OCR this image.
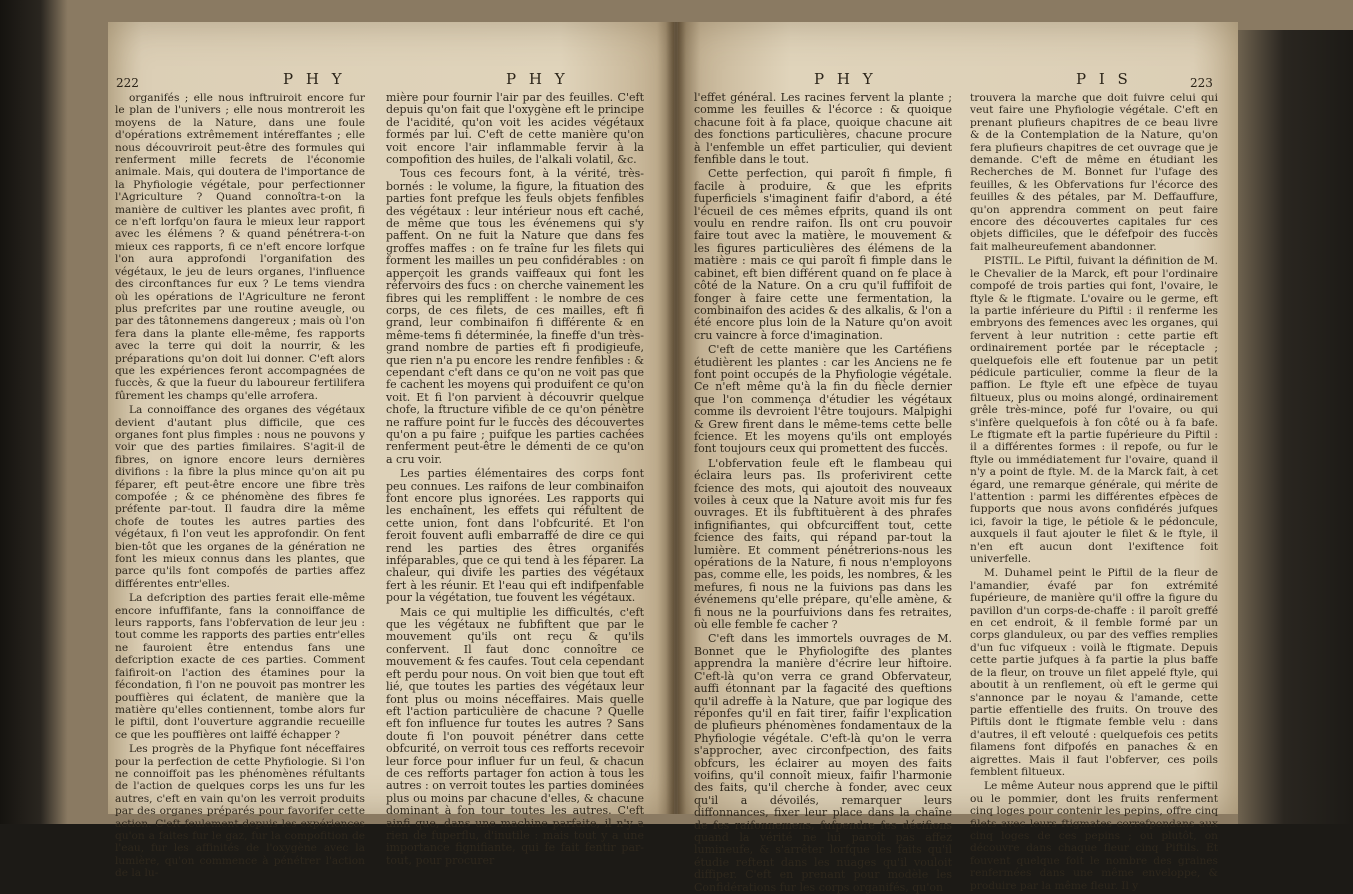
222	P H Y	P H Y	P H Y	P I S	223

organifés ; elle nous inftruiroit encore fur le plan de l'univers ; elle nous montreroit les moyens de la Nature, dans une foule d'opérations extrêmement intéreffantes ; elle nous découvriroit peut-être des formules qui renferment mille fecrets de l'économie animale. Mais, qui doutera de l'importance de la Phyfiologie végétale, pour perfectionner l'Agriculture ? Quand connoîtra-t-on la manière de cultiver les plantes avec profit, fi ce n'eft lorfqu'on faura le mieux leur rapport avec les élémens ? & quand pénétrera-t-on mieux ces rapports, fi ce n'eft encore lorfque l'on aura approfondi l'organifation des végétaux, le jeu de leurs organes, l'influence des circonftances fur eux ? Le tems viendra où les opérations de l'Agriculture ne feront plus prefcrites par une routine aveugle, ou par des tâtonnemens dangereux ; mais où l'on fera dans la plante elle-même, fes rapports avec la terre qui doit la nourrir, & les préparations qu'on doit lui donner. C'eft alors que les expériences feront accompagnées de fuccès, & que la fueur du laboureur fertilifera fûrement les champs qu'elle arrofera.

La connoiffance des organes des végétaux devient d'autant plus difficile, que ces organes font plus fimples : nous ne pouvons y voir que des parties fimilaires. S'agit-il de fibres, on ignore encore leurs dernières divifions : la fibre la plus mince qu'on ait pu féparer, eft peut-être encore une fibre très compofée ; & ce phénomène des fibres fe préfente par-tout. Il faudra dire la même chofe de toutes les autres parties des végétaux, fi l'on veut les approfondir. On fent bien-tôt que les organes de la génération ne font les mieux connus dans les plantes, que parce qu'ils font compofés de parties affez différentes entr'elles.

La defcription des parties ferait elle-même encore infuffifante, fans la connoiffance de leurs rapports, fans l'obfervation de leur jeu : tout comme les rapports des parties entr'elles ne fauroient être entendus fans une defcription exacte de ces parties. Comment faifiroit-on l'action des étamines pour la fécondation, fi l'on ne pouvoit pas montrer les pouffières qui éclatent, de manière que la matière qu'elles contiennent, tombe alors fur le piftil, dont l'ouverture aggrandie recueille ce que les pouffières ont laiffé échapper ?

Les progrès de la Phyfique font néceffaires pour la perfection de cette Phyfiologie. Si l'on ne connoiffoit pas les phénomènes réfultants de l'action de quelques corps les uns fur les autres, c'eft en vain qu'on les verroit produits par des organes préparés pour favorifer cette action. C'eft feulement depuis les expériences qu'on a faites fur le gaz, fur la compofition de l'eau, fur les affinités de l'oxygène avec la lumière, qu'on commence à pénétrer l'action de la lu-

mière pour fournir l'air par des feuilles. C'eft depuis qu'on fait que l'oxygène eft le principe de l'acidité, qu'on voit les acides végétaux formés par lui. C'eft de cette manière qu'on voit encore l'air inflammable fervir à la compofition des huiles, de l'alkali volatil, &c.

Tous ces fecours font, à la vérité, très-bornés : le volume, la figure, la fituation des parties font prefque les feuls objets fenfibles des végétaux : leur intérieur nous eft caché, de même que tous les événemens qui s'y paffent. On ne fuit la Nature que dans fes groffes maffes : on fe traîne fur les filets qui forment les mailles un peu confidérables : on apperçoit les grands vaiffeaux qui font les réfervoirs des fucs : on cherche vainement les fibres qui les rempliffent : le nombre de ces corps, de ces filets, de ces mailles, eft fi grand, leur combinaifon fi différente & en même-tems fi déterminée, la fineffe d'un très-grand nombre de parties eft fi prodigieufe, que rien n'a pu encore les rendre fenfibles : & cependant c'eft dans ce qu'on ne voit pas que fe cachent les moyens qui produifent ce qu'on voit. Et fi l'on parvient à découvrir quelque chofe, la ftructure vifible de ce qu'on pénètre ne raffure point fur le fuccès des découvertes qu'on a pu faire ; puifque les parties cachées renferment peut-être le démenti de ce qu'on a cru voir.

Les parties élémentaires des corps font peu connues. Les raifons de leur combinaifon font encore plus ignorées. Les rapports qui les enchaînent, les effets qui réfultent de cette union, font dans l'obfcurité. Et l'on feroit fouvent aufli embarraffé de dire ce qui rend les parties des êtres organifés inféparables, que ce qui tend à les féparer. La chaleur, qui divife les parties des végétaux fert à les réunir. Et l'eau qui eft indifpenfable pour la végétation, tue fouvent les végétaux.

Mais ce qui multiplie les difficultés, c'eft que les végétaux ne fubfiftent que par le mouvement qu'ils ont reçu & qu'ils confervent. Il faut donc connoître ce mouvement & fes caufes. Tout cela cependant eft perdu pour nous. On voit bien que tout eft lié, que toutes les parties des végétaux leur font plus ou moins néceffaires. Mais quelle eft l'action particulière de chacune ? Quelle eft fon influence fur toutes les autres ? Sans doute fi l'on pouvoit pénétrer dans cette obfcurité, on verroit tous ces refforts recevoir leur force pour influer fur un feul, & chacun de ces refforts partager fon action à tous les autres : on verroit toutes les parties dominées plus ou moins par chacune d'elles, & chacune dominant à fon tour toutes les autres. C'eft ainfi que, dans une machine parfaite, il n'y a rien de fuperflu, d'inutile : mais tout y a une importance fignifiante, qui fe fait fentir par-tout, pour procurer

l'effet général. Les racines fervent la plante ; comme les feuilles & l'écorce : & quoique chacune foit à fa place, quoique chacune ait des fonctions particulières, chacune procure à l'enfemble un effet particulier, qui devient fenfible dans le tout.

Cette perfection, qui paroît fi fimple, fi facile à produire, & que les efprits fuperficiels s'imaginent faifir d'abord, a été l'écueil de ces mêmes efprits, quand ils ont voulu en rendre raifon. Ils ont cru pouvoir faire tout avec la matière, le mouvement & les figures particulières des élémens de la matière : mais ce qui paroît fi fimple dans le cabinet, eft bien différent quand on fe place à côté de la Nature. On a cru qu'il fuffifoit de fonger à faire cette une fermentation, la combinaifon des acides & des alkalis, & l'on a été encore plus loin de la Nature qu'on avoit cru vaincre à force d'imagination.

C'eft de cette manière que les Cartéfiens étudièrent les plantes : car les Anciens ne fe font point occupés de la Phyfiologie végétale. Ce n'eft même qu'à la fin du fiècle dernier que l'on commença d'étudier les végétaux comme ils devroient l'être toujours. Malpighi & Grew firent dans le même-tems cette belle fcience. Et les moyens qu'ils ont employés font toujours ceux qui promettent des fuccès.

L'obfervation feule eft le flambeau qui éclaira leurs pas. Ils proferivirent cette fcience des mots, qui ajoutoit des nouveaux voiles à ceux que la Nature avoit mis fur fes ouvrages. Et ils fubftituèrent à des phrafes infignifiantes, qui obfcurciffent tout, cette fcience des faits, qui répand par-tout la lumière. Et comment pénétrerions-nous les opérations de la Nature, fi nous n'employons pas, comme elle, les poids, les nombres, & les mefures, fi nous ne la fuivions pas dans les événemens qu'elle prépare, qu'elle amène, & fi nous ne la pourfuivions dans fes retraites, où elle femble fe cacher ?

C'eft dans les immortels ouvrages de M. Bonnet que le Phyfiologifte des plantes apprendra la manière d'écrire leur hiftoire. C'eft-là qu'on verra ce grand Obfervateur, auffi étonnant par la fagacité des queftions qu'il adreffe à la Nature, que par logique des réponfes qu'il en fait tirer, faifir l'explication de plufieurs phénomènes fondamentaux de la Phyfiologie végétale. C'eft-là qu'on le verra s'approcher, avec circonfpection, des faits obfcurs, les éclairer au moyen des faits voifins, qu'il connoît mieux, faifir l'harmonie des faits, qu'il cherche à fonder, avec ceux qu'il a dévoilés, remarquer leurs diffonnances, fixer leur place dans la chaîne de fes raifonnemens, fufpendre fes décifions quand la vérité ne lui paroît pas affez lumineufe, & s'arrêter lorfque les faits qu'il étudie reftent dans les nuages qu'il vouloit diffiper. C'eft en prenant pour modèle les Confidérations fur les corps organifés, qu'on

trouvera la marche que doit fuivre celui qui veut faire une Phyfiologie végétale. C'eft en prenant plufieurs chapitres de ce beau livre & de la Contemplation de la Nature, qu'on fera plufieurs chapitres de cet ouvrage que je demande. C'eft de même en étudiant les Recherches de M. Bonnet fur l'ufage des feuilles, & les Obfervations fur l'écorce des feuilles & des pétales, par M. Deffauffure, qu'on apprendra comment on peut faire encore des découvertes capitales fur ces objets difficiles, que le défefpoir des fuccès fait malheureufement abandonner.

PISTIL. Le Piftil, fuivant la définition de M. le Chevalier de la Marck, eft pour l'ordinaire compofé de trois parties qui font, l'ovaire, le ftyle & le ftigmate. L'ovaire ou le germe, eft la partie inférieure du Piftil : il renferme les embryons des femences avec les organes, qui fervent à leur nutrition : cette partie eft ordinairement portée par le réceptacle ; quelquefois elle eft foutenue par un petit pédicule particulier, comme la fleur de la paffion. Le ftyle eft une efpèce de tuyau filtueux, plus ou moins alongé, ordinairement grêle très-mince, pofé fur l'ovaire, ou qui s'infère quelquefois à fon côté ou à fa bafe. Le ftigmate eft la partie fupérieure du Piftil : il a différentes formes : il repofe, ou fur le ftyle ou immédiatement fur l'ovaire, quand il n'y a point de ftyle. M. de la Marck fait, à cet égard, une remarque générale, qui mérite de l'attention : parmi les différentes efpèces de fupports que nous avons confidérés jufques ici, favoir la tige, le pétiole & le pédoncule, auxquels il faut ajouter le filet & le ftyle, il n'en eft aucun dont l'exiftence foit univerfelle.

M. Duhamel peint le Piftil de la fleur de l'amandier, évafé par fon extrémité fupérieure, de manière qu'il offre la figure du pavillon d'un corps-de-chaffe : il paroît greffé en cet endroit, & il femble formé par un corps glanduleux, ou par des veffies remplies d'un fuc vifqueux : voilà le ftigmate. Depuis cette partie jufques à fa partie la plus baffe de la fleur, on trouve un filet appelé ftyle, qui aboutit à un renflement, où eft le germe qui s'annonce par le noyau & l'amande, cette partie effentielle des fruits. On trouve des Piftils dont le ftigmate femble velu : dans d'autres, il eft velouté : quelquefois ces petits filamens font difpofés en panaches & en aigrettes. Mais il faut l'obferver, ces poils femblent filtueux.

Le même Auteur nous apprend que le piftil ou le pommier, dont les fruits renferment cinq loges pour contenir les pepins, offre cinq filets avec leurs ftigmates correfpondans aux cinq loges de ces pepins ; ou plutôt, on découvre dans chaque fleur cinq Piftils. Et fouvent quelque foit le nombre des graines renfermées dans une même enveloppe, & produire par la même fleur. Il y
